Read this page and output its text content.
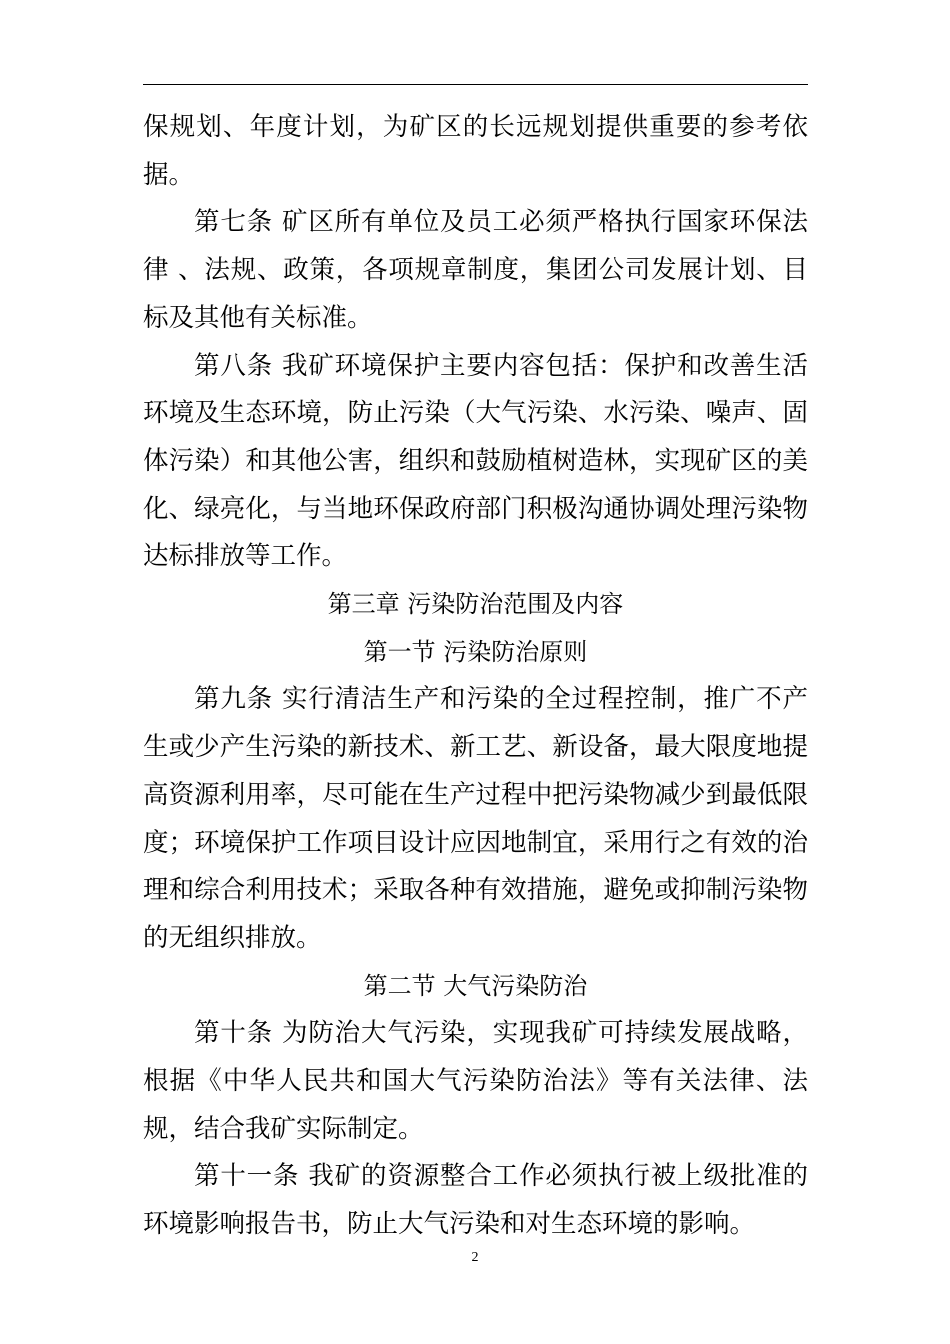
保规划、年度计划，为矿区的长远规划提供重要的参考依据。

第七条 矿区所有单位及员工必须严格执行国家环保法律 、法规、政策，各项规章制度，集团公司发展计划、目标及其他有关标准。

第八条 我矿环境保护主要内容包括：保护和改善生活环境及生态环境，防止污染（大气污染、水污染、噪声、固体污染）和其他公害，组织和鼓励植树造林，实现矿区的美化、绿亮化，与当地环保政府部门积极沟通协调处理污染物达标排放等工作。

第三章 污染防治范围及内容

第一节 污染防治原则

第九条 实行清洁生产和污染的全过程控制，推广不产生或少产生污染的新技术、新工艺、新设备，最大限度地提高资源利用率，尽可能在生产过程中把污染物减少到最低限度；环境保护工作项目设计应因地制宜，采用行之有效的治理和综合利用技术；采取各种有效措施，避免或抑制污染物的无组织排放。

第二节 大气污染防治

第十条 为防治大气污染，实现我矿可持续发展战略，根据《中华人民共和国大气污染防治法》等有关法律、法规，结合我矿实际制定。

第十一条 我矿的资源整合工作必须执行被上级批准的环境影响报告书，防止大气污染和对生态环境的影响。

2
